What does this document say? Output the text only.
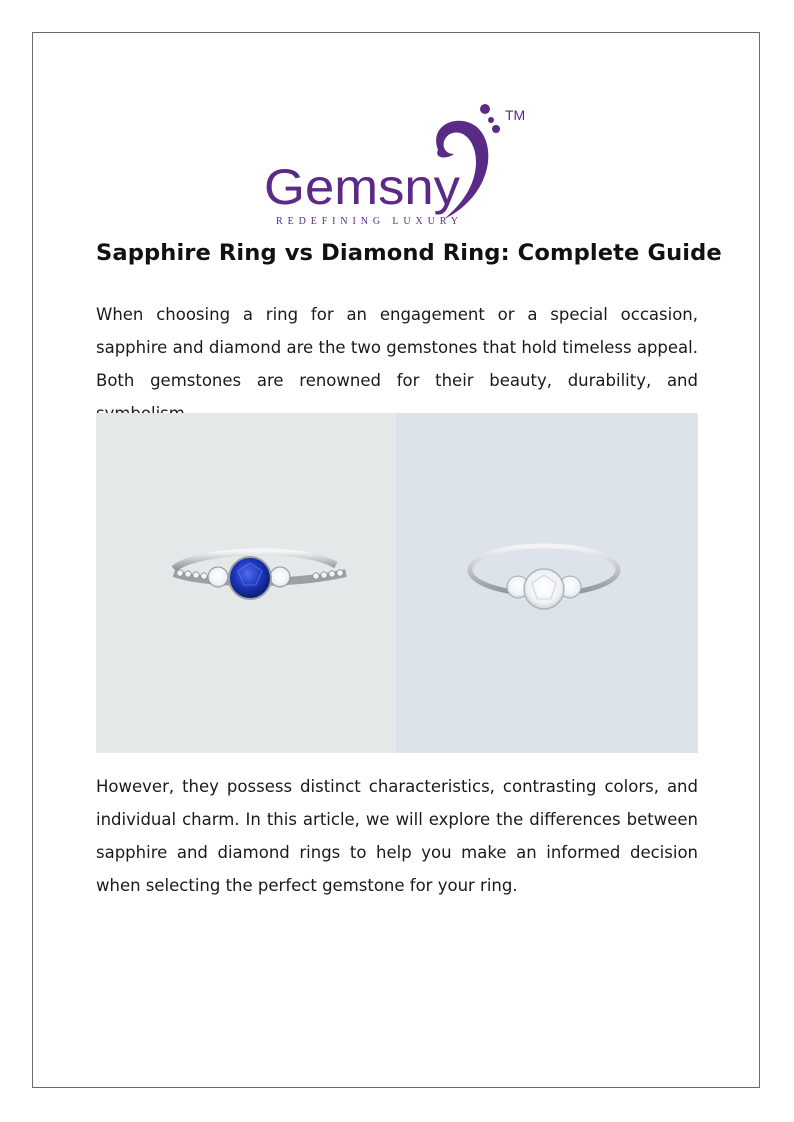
TM
Gemsny
REDEFINING LUXURY
Sapphire Ring vs Diamond Ring: Complete Guide

When choosing a ring for an engagement or a special occasion, sapphire and diamond are the two gemstones that hold timeless appeal. Both gemstones are renowned for their beauty, durability, and

However, they possess distinct characteristics, contrasting colors, and individual charm. In this article, we will explore the differences between sapphire and diamond rings to help you make an informed decision when selecting the perfect gemstone for your ring.
